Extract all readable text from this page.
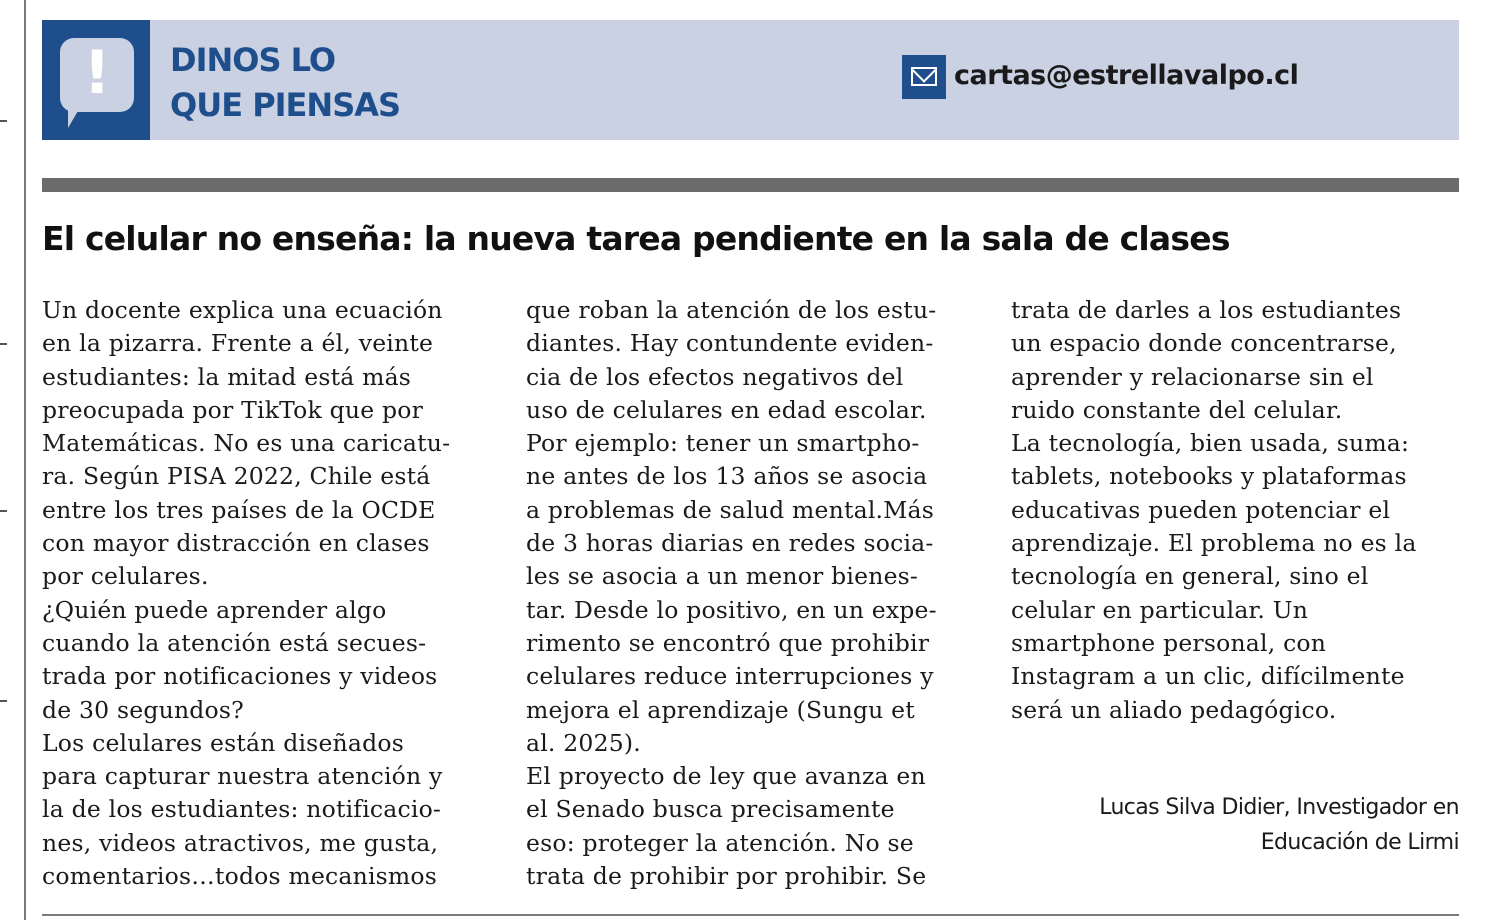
!	DINOS LO
QUE PIENSAS
cartas@estrellavalpo.cl
El celular no enseña: la nueva tarea pendiente en la sala de clases
Un docente explica una ecuación
en la pizarra. Frente a él, veinte
estudiantes: la mitad está más
preocupada por TikTok que por
Matemáticas. No es una caricatu-
ra. Según PISA 2022, Chile está
entre los tres países de la OCDE
con mayor distracción en clases
por celulares.
¿Quién puede aprender algo
cuando la atención está secues-
trada por notificaciones y videos
de 30 segundos?
Los celulares están diseñados
para capturar nuestra atención y
la de los estudiantes: notificacio-
nes, videos atractivos, me gusta,
comentarios…todos mecanismos
que roban la atención de los estu-
diantes. Hay contundente eviden-
cia de los efectos negativos del
uso de celulares en edad escolar.
Por ejemplo: tener un smartpho-
ne antes de los 13 años se asocia
a problemas de salud mental.Más
de 3 horas diarias en redes socia-
les se asocia a un menor bienes-
tar. Desde lo positivo, en un expe-
rimento se encontró que prohibir
celulares reduce interrupciones y
mejora el aprendizaje (Sungu et
al. 2025).
El proyecto de ley que avanza en
el Senado busca precisamente
eso: proteger la atención. No se
trata de prohibir por prohibir. Se
trata de darles a los estudiantes
un espacio donde concentrarse,
aprender y relacionarse sin el
ruido constante del celular.
La tecnología, bien usada, suma:
tablets, notebooks y plataformas
educativas pueden potenciar el
aprendizaje. El problema no es la
tecnología en general, sino el
celular en particular. Un
smartphone personal, con
Instagram a un clic, difícilmente
será un aliado pedagógico.
Lucas Silva Didier, Investigador en
Educación de Lirmi
